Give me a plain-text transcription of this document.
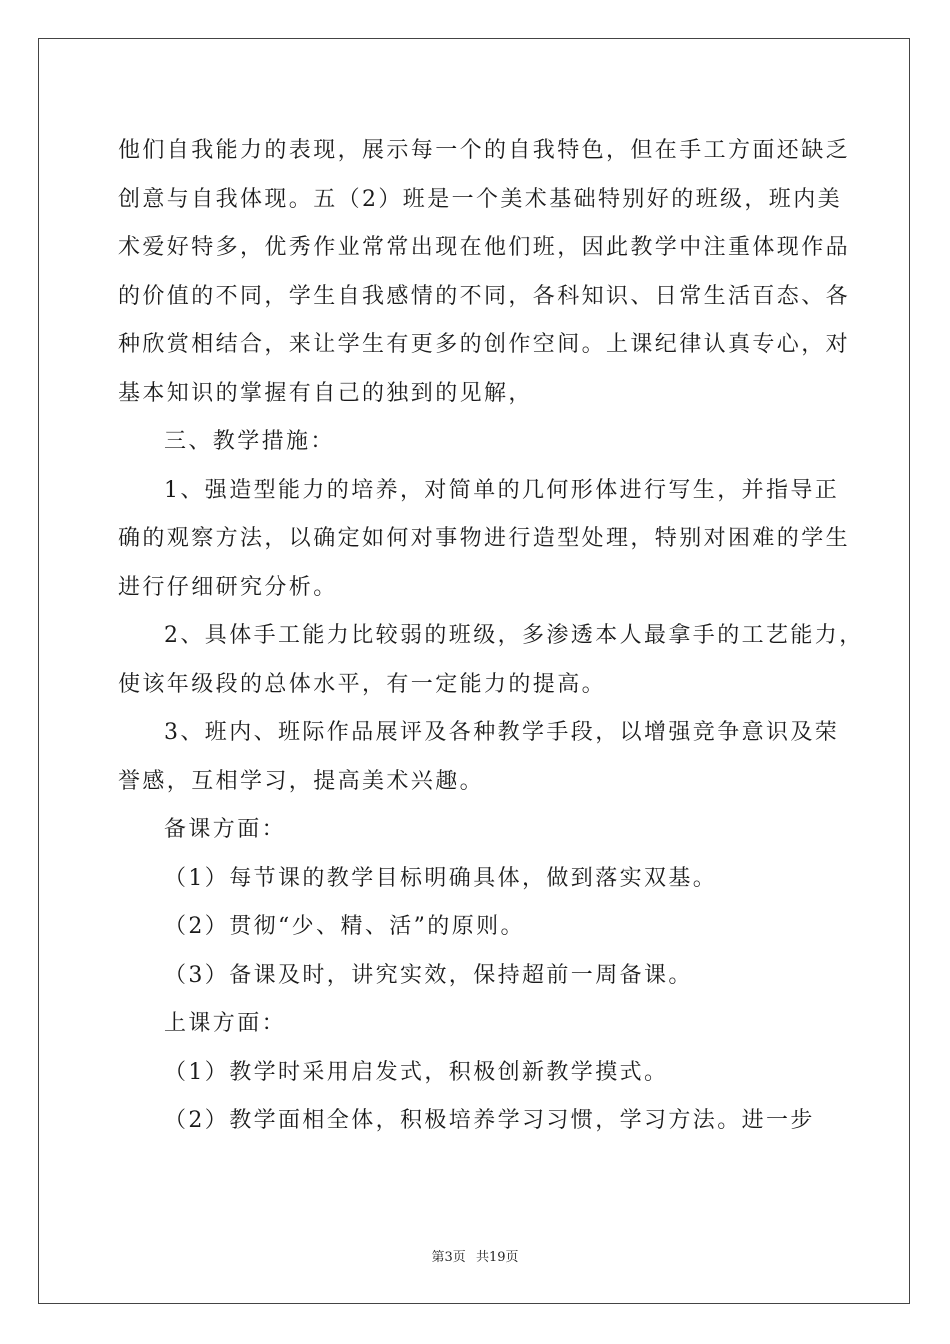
他们自我能力的表现，展示每一个的自我特色，但在手工方面还缺乏

创意与自我体现。五（2）班是一个美术基础特别好的班级，班内美

术爱好特多，优秀作业常常出现在他们班，因此教学中注重体现作品

的价值的不同，学生自我感情的不同，各科知识、日常生活百态、各

种欣赏相结合，来让学生有更多的创作空间。上课纪律认真专心，对

基本知识的掌握有自己的独到的见解，

三、教学措施：

1、强造型能力的培养，对简单的几何形体进行写生，并指导正

确的观察方法，以确定如何对事物进行造型处理，特别对困难的学生

进行仔细研究分析。

2、具体手工能力比较弱的班级，多渗透本人最拿手的工艺能力，

使该年级段的总体水平，有一定能力的提高。

3、班内、班际作品展评及各种教学手段，以增强竞争意识及荣

誉感，互相学习，提高美术兴趣。

备课方面：

（1）每节课的教学目标明确具体，做到落实双基。

（2）贯彻“少、精、活”的原则。

（3）备课及时，讲究实效，保持超前一周备课。

上课方面：

（1）教学时采用启发式，积极创新教学摸式。

（2）教学面相全体，积极培养学习习惯，学习方法。进一步

第3页 共19页
